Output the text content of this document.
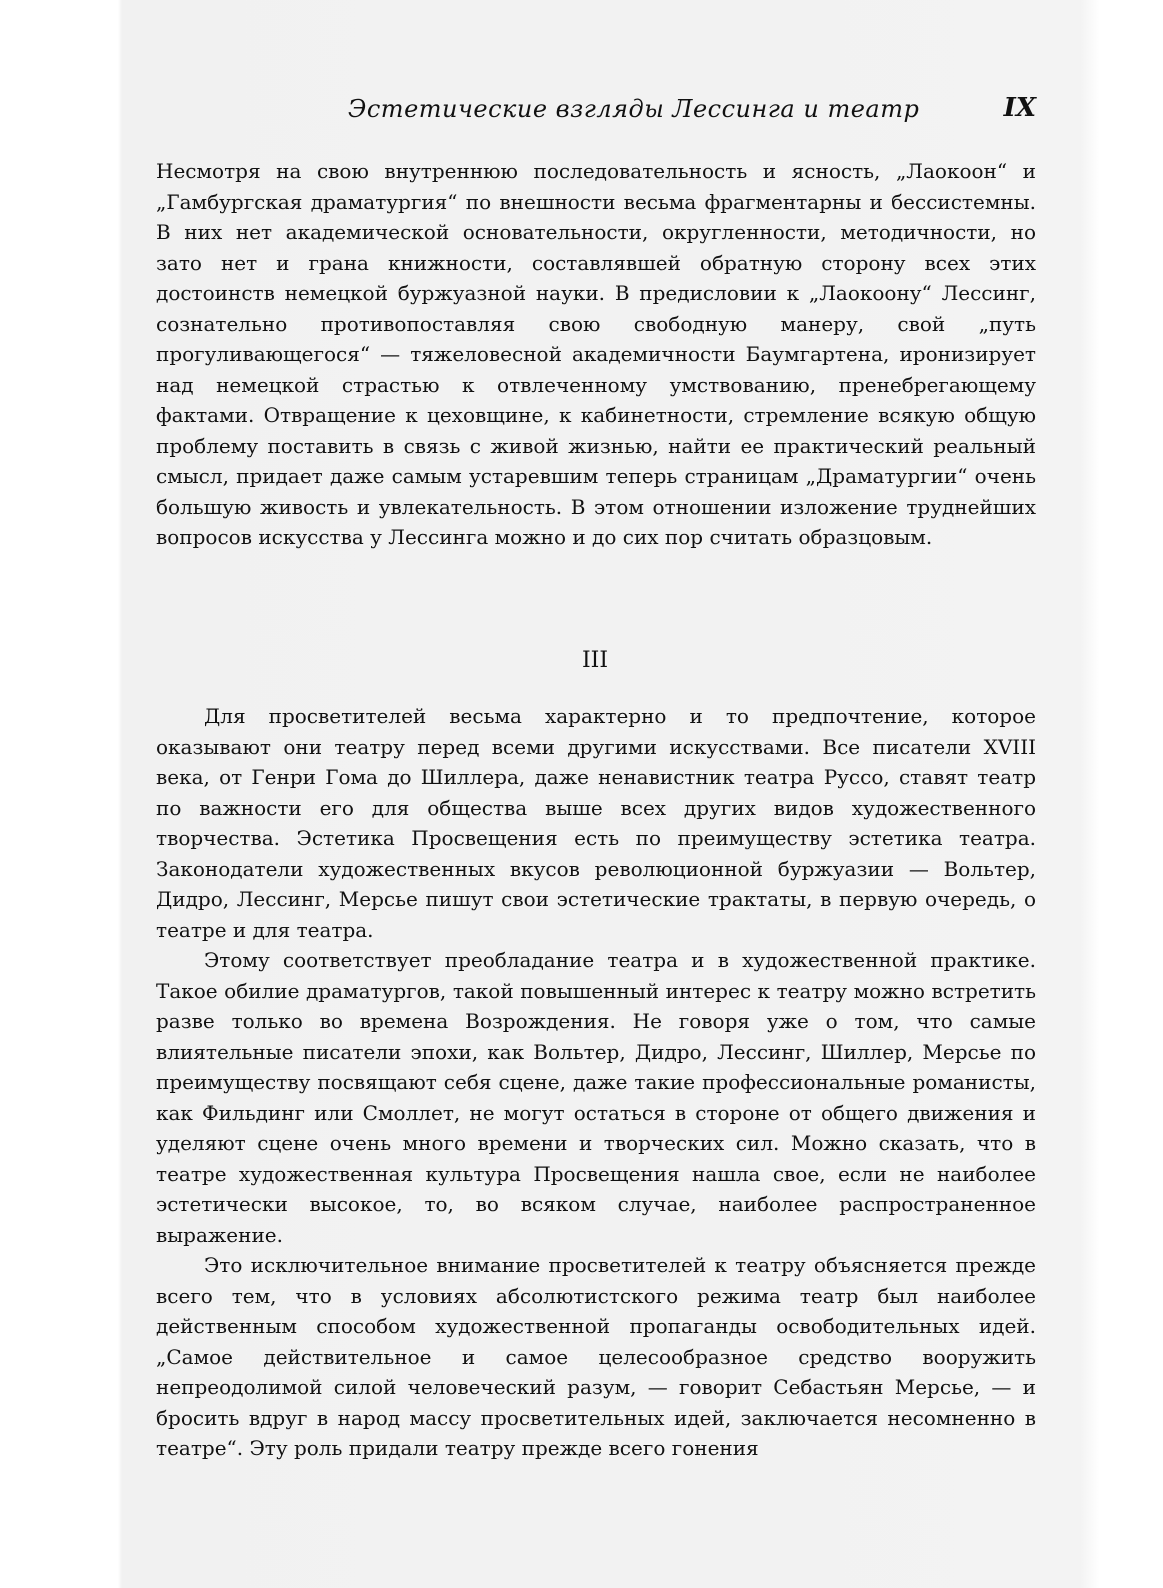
Эстетические взгляды Лессинга и театр	IX

Несмотря на свою внутреннюю последовательность и ясность, „Лаокоон“ и „Гамбургская драматургия“ по внешности весьма фрагментарны и бессистемны. В них нет академической основательности, округленности, методичности, но зато нет и грана книжности, составлявшей обратную сторону всех этих достоинств немецкой буржуазной науки. В предисловии к „Лаокоону“ Лессинг, сознательно противопоставляя свою свободную манеру, свой „путь прогуливающегося“ — тяжеловесной академичности Баумгартена, иронизирует над немецкой страстью к отвлеченному умствованию, пренебрегающему фактами. Отвращение к цеховщине, к кабинетности, стремление всякую общую проблему поставить в связь с живой жизнью, найти ее практический реальный смысл, придает даже самым устаревшим теперь страницам „Драматургии“ очень большую живость и увлекательность. В этом отношении изложение труднейших вопросов искусства у Лессинга можно и до сих пор считать образцовым.

III

Для просветителей весьма характерно и то предпочтение, которое оказывают они театру перед всеми другими искусствами. Все писатели XVIII века, от Генри Гома до Шиллера, даже ненавистник театра Руссо, ставят театр по важности его для общества выше всех других видов художественного творчества. Эстетика Просвещения есть по преимуществу эстетика театра. Законодатели художественных вкусов революционной буржуазии — Вольтер, Дидро, Лессинг, Мерсье пишут свои эстетические трактаты, в первую очередь, о театре и для театра.

Этому соответствует преобладание театра и в художественной практике. Такое обилие драматургов, такой повышенный интерес к театру можно встретить разве только во времена Возрождения. Не говоря уже о том, что самые влиятельные писатели эпохи, как Вольтер, Дидро, Лессинг, Шиллер, Мерсье по преимуществу посвящают себя сцене, даже такие профессиональные романисты, как Фильдинг или Смоллет, не могут остаться в стороне от общего движения и уделяют сцене очень много времени и творческих сил. Можно сказать, что в театре художественная культура Просвещения нашла свое, если не наиболее эстетически высокое, то, во всяком случае, наиболее распространенное выражение.

Это исключительное внимание просветителей к театру объясняется прежде всего тем, что в условиях абсолютистского режима театр был наиболее действенным способом художественной пропаганды освободительных идей. „Самое действительное и самое целесообразное средство вооружить непреодолимой силой человеческий разум, — говорит Себастьян Мерсье, — и бросить вдруг в народ массу просветительных идей, заключается несомненно в театре“. Эту роль придали театру прежде всего гонения
